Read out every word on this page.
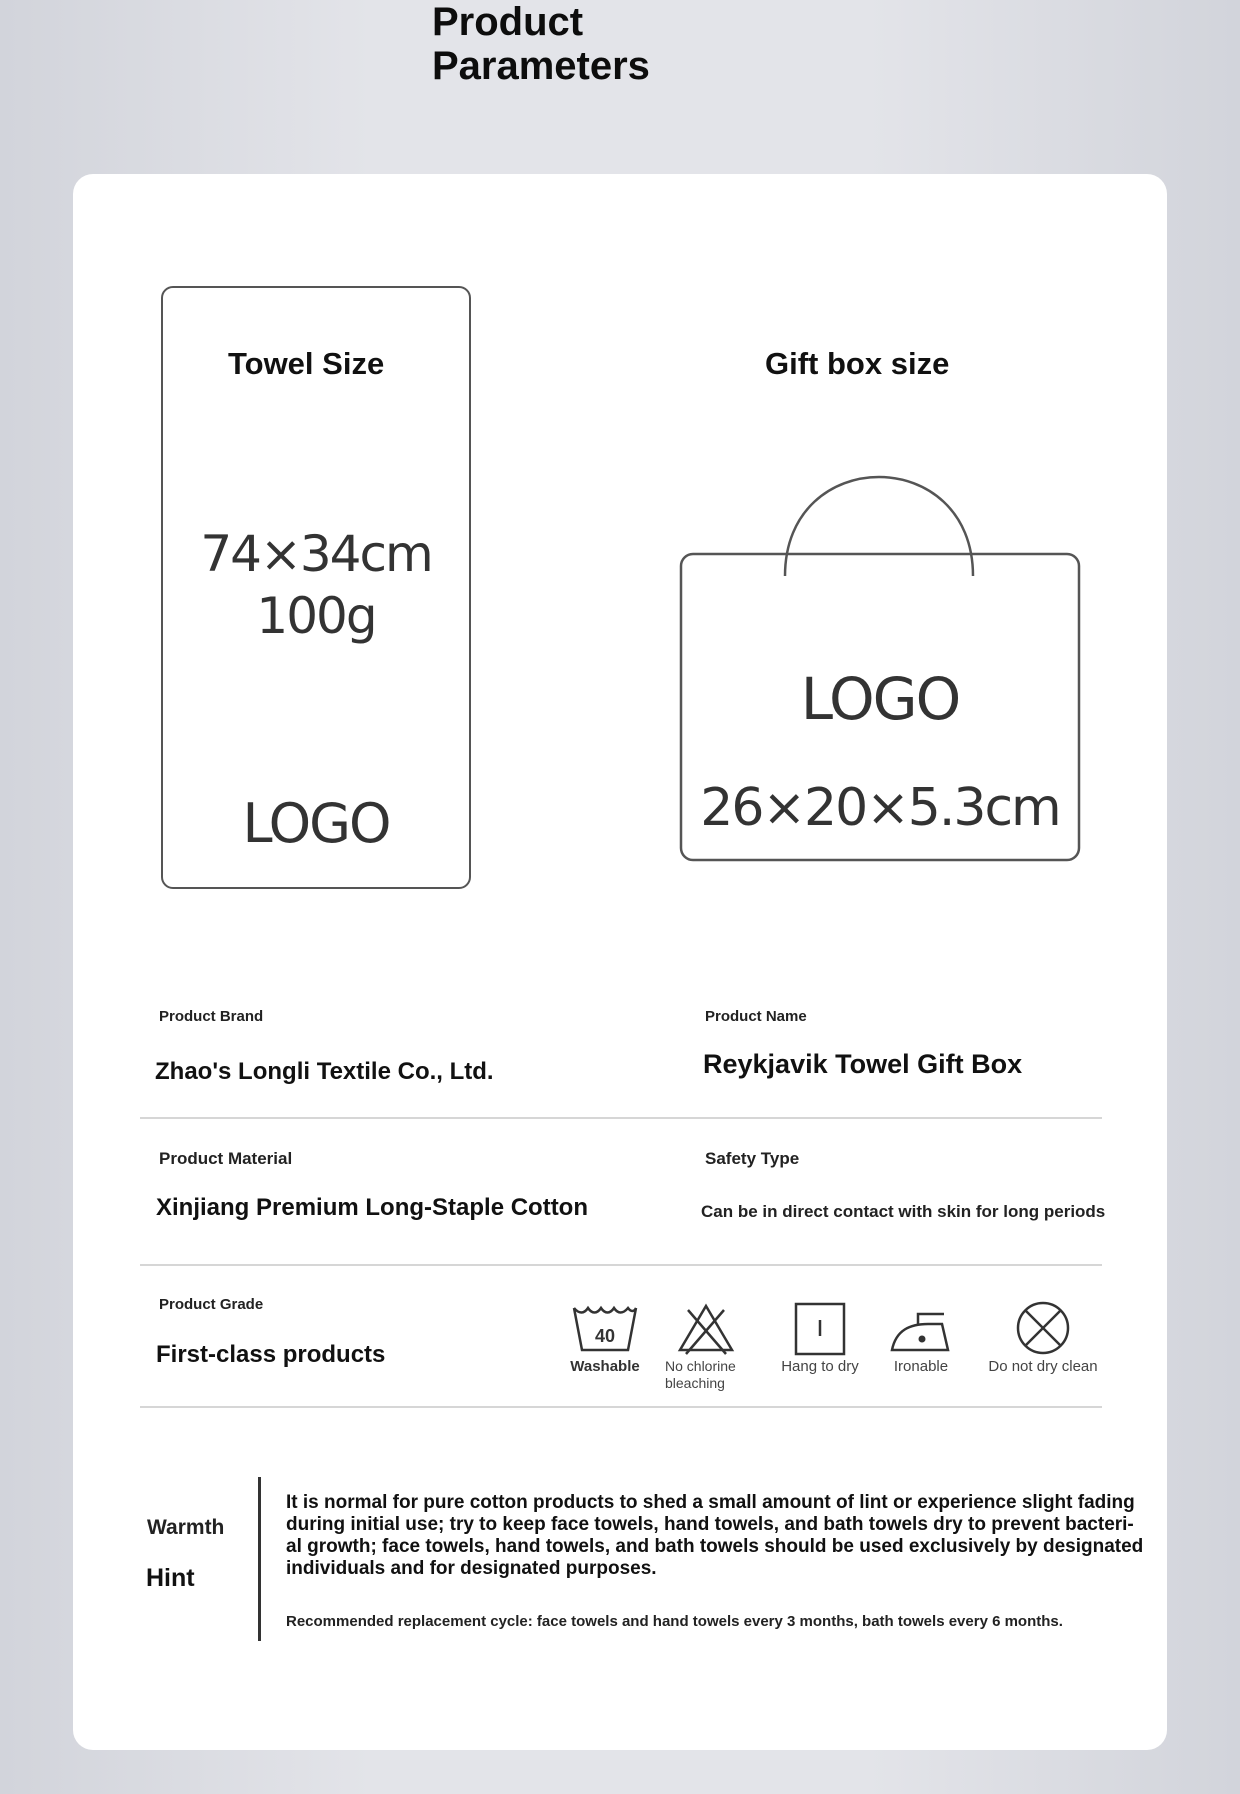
Product Parameters
Towel Size
74×34cm
100g
LOGO
Gift box size
LOGO
26×20×5.3cm
Product Brand
Zhao's Longli Textile Co., Ltd.
Product Name
Reykjavik Towel Gift Box
Product Material
Xinjiang Premium Long-Staple Cotton
Safety Type
Can be in direct contact with skin for long periods
Product Grade
First-class products
40
Washable	No chlorine
bleaching
Hang to dry	Ironable	Do not dry clean
Warmth
Hint
It is normal for pure cotton products to shed a small amount of lint or experience slight fading
during initial use; try to keep face towels, hand towels, and bath towels dry to prevent bacteri-
al growth; face towels, hand towels, and bath towels should be used exclusively by designated
individuals and for designated purposes.
Recommended replacement cycle: face towels and hand towels every 3 months, bath towels every 6 months.
